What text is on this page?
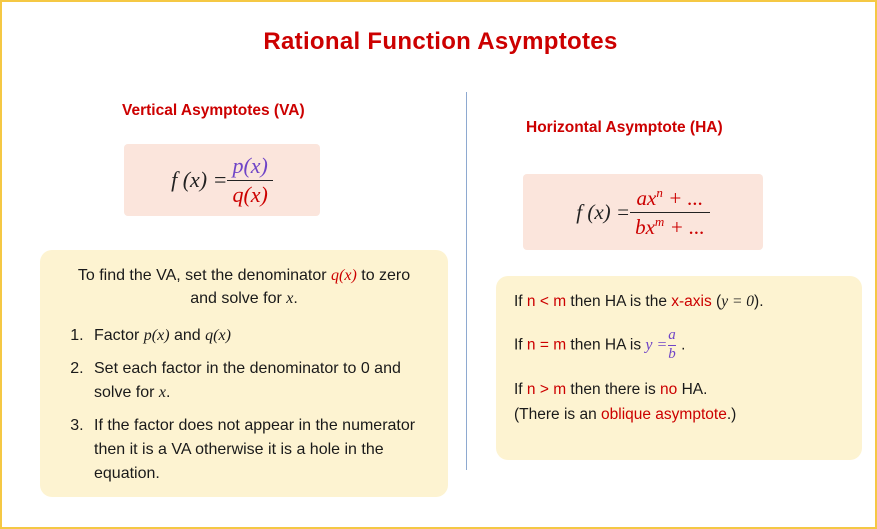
Rational Function Asymptotes
Vertical Asymptotes (VA)
f $(x) = \frac{p(x)}{q(x)}$
To find the VA, set the denominator q(x) to zero and solve for x.
1. Factor p(x) and q(x)
2. Set each factor in the denominator to 0 and solve for x.
3. If the factor does not appear in the numerator then it is a VA otherwise it is a hole in the equation.
Horizontal Asymptote (HA)
f $(x) = \frac{ax^n + ...}{bx^m + ...}$
If n < m then HA is the x-axis (y = 0).
If n = m then HA is $y =\frac{a}{b}$ .
If n > m then there is no HA.
(There is an oblique asymptote.)
